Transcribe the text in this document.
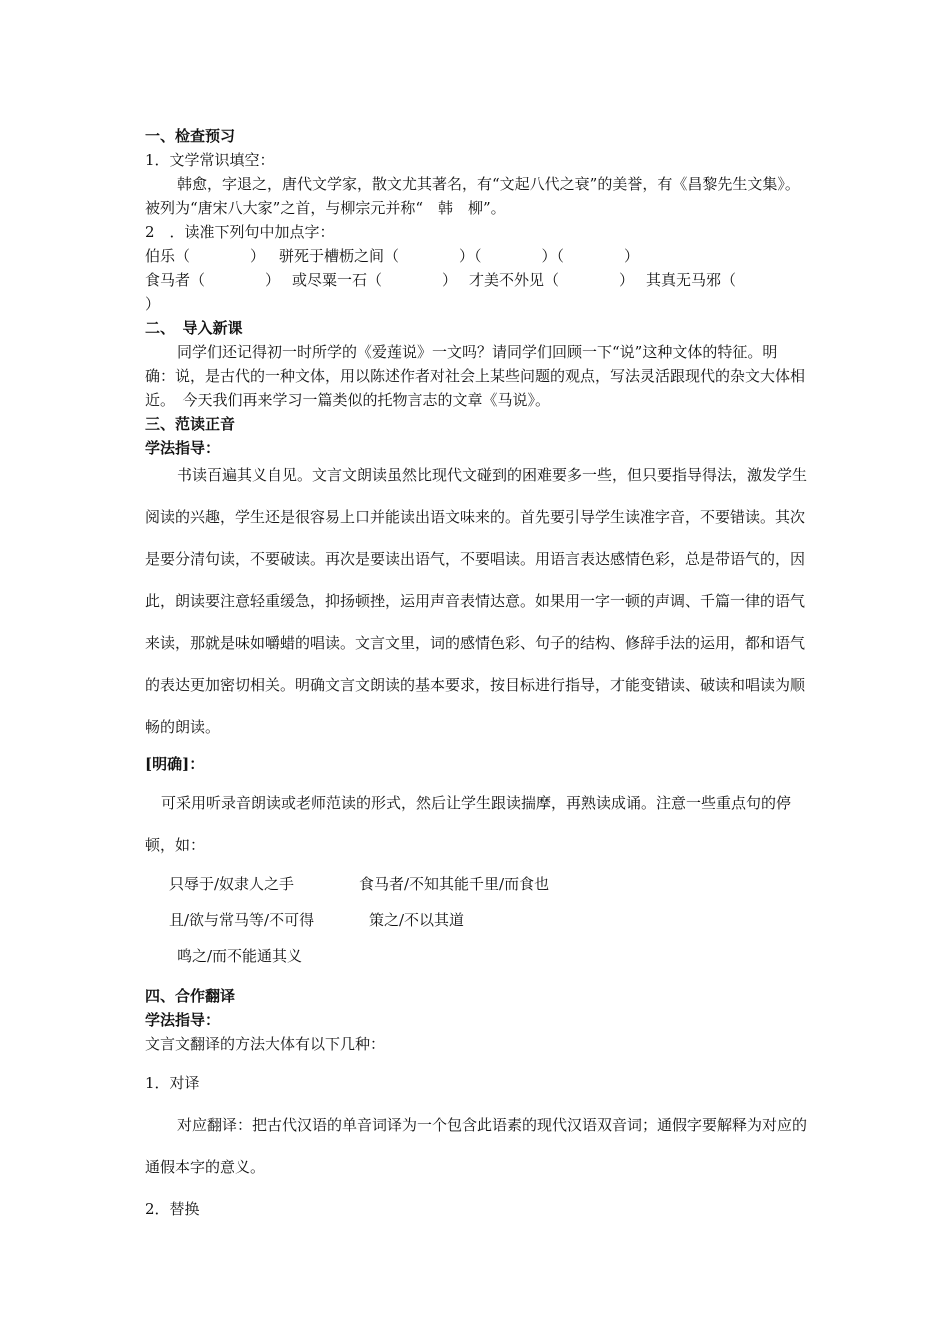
一、检查预习
1．文学常识填空：
韩愈，字退之，唐代文学家，散文尤其著名，有“文起八代之衰”的美誉，有《昌黎先生文集》。被列为“唐宋八大家”之首，与柳宗元并称“　韩　柳”。
2　．读准下列句中加点字：
伯乐（　　　　） 骈死于槽枥之间（　　　　）（　　　　）（　　　　）
食马者（　　　　） 或尽粟一石（　　　　） 才美不外见（　　　　） 其真无马邪（
）
二、　导入新课
同学们还记得初一时所学的《爱莲说》一文吗？请同学们回顾一下“说”这种文体的特征。明确：说，是古代的一种文体，用以陈述作者对社会上某些问题的观点，写法灵活跟现代的杂文大体相近。　今天我们再来学习一篇类似的托物言志的文章《马说》。
三、范读正音
学法指导：
书读百遍其义自见。文言文朗读虽然比现代文碰到的困难要多一些，但只要指导得法，激发学生阅读的兴趣，学生还是很容易上口并能读出语文味来的。首先要引导学生读准字音，不要错读。其次是要分清句读，不要破读。再次是要读出语气，不要唱读。用语言表达感情色彩，总是带语气的，因此，朗读要注意轻重缓急，抑扬顿挫，运用声音表情达意。如果用一字一顿的声调、千篇一律的语气来读，那就是味如嚼蜡的唱读。文言文里，词的感情色彩、句子的结构、修辞手法的运用，都和语气的表达更加密切相关。明确文言文朗读的基本要求，按目标进行指导，才能变错读、破读和唱读为顺畅的朗读。
[明确]：
可采用听录音朗读或老师范读的形式，然后让学生跟读揣摩，再熟读成诵。注意一些重点句的停顿，如：
只辱于/奴隶人之手	食马者/不知其能千里/而食也
且/欲与常马等/不可得	策之/不以其道
鸣之/而不能通其义
四、合作翻译
学法指导：
文言文翻译的方法大体有以下几种：
1．对译
对应翻译：把古代汉语的单音词译为一个包含此语素的现代汉语双音词；通假字要解释为对应的通假本字的意义。
2．替换
